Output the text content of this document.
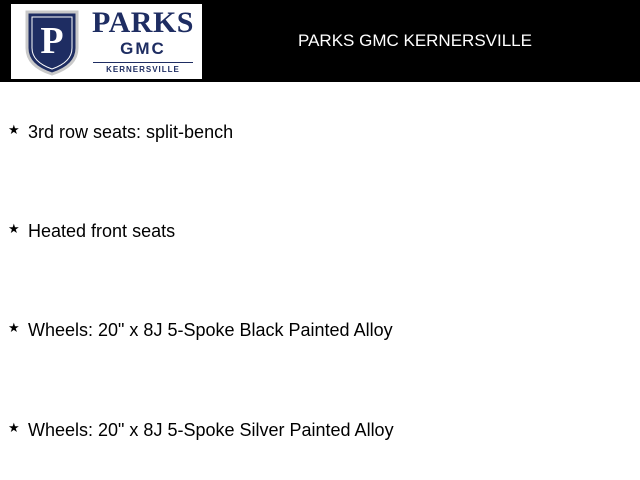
P PARKS
GMC
KERNERSVILLE
PARKS GMC KERNERSVILLE
★ 3rd row seats: split-bench
★ Heated front seats
★ Wheels: 20" x 8J 5-Spoke Black Painted Alloy
★ Wheels: 20" x 8J 5-Spoke Silver Painted Alloy
